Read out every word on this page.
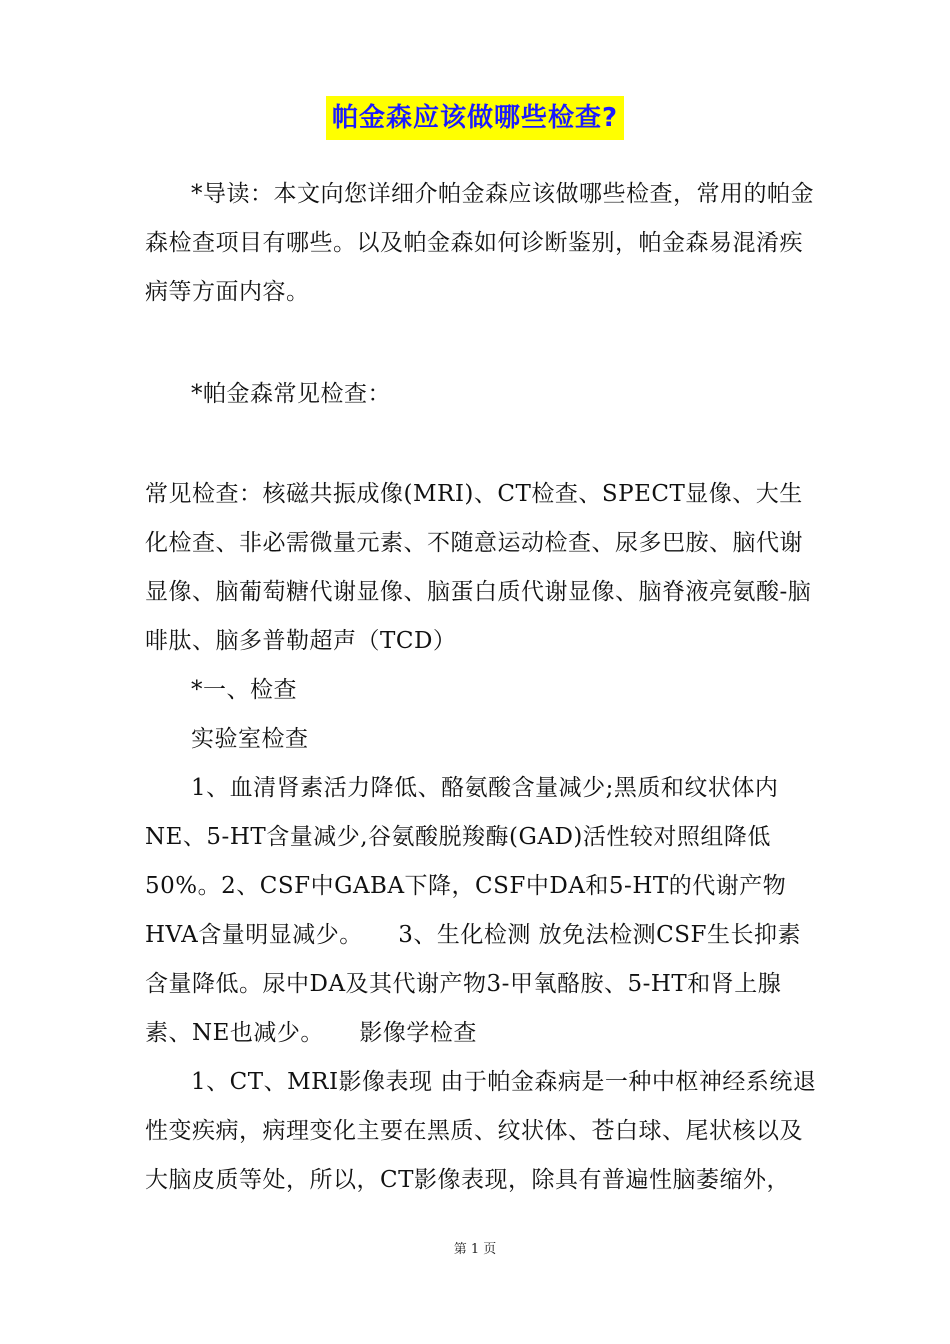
帕金森应该做哪些检查?

*导读：本文向您详细介帕金森应该做哪些检查，常用的帕金森检查项目有哪些。以及帕金森如何诊断鉴别，帕金森易混淆疾病等方面内容。

*帕金森常见检查：

常见检查：核磁共振成像(MRI)、CT检查、SPECT显像、大生化检查、非必需微量元素、不随意运动检查、尿多巴胺、脑代谢显像、脑葡萄糖代谢显像、脑蛋白质代谢显像、脑脊液亮氨酸-脑啡肽、脑多普勒超声（TCD）

*一、检查

实验室检查

1、血清肾素活力降低、酪氨酸含量减少;黑质和纹状体内NE、5-HT含量减少,谷氨酸脱羧酶(GAD)活性较对照组降低50%。2、CSF中GABA下降，CSF中DA和5-HT的代谢产物HVA含量明显减少。　　3、生化检测 放免法检测CSF生长抑素含量降低。尿中DA及其代谢产物3-甲氧酪胺、5-HT和肾上腺素、NE也减少。　　影像学检查

1、CT、MRI影像表现 由于帕金森病是一种中枢神经系统退性变疾病，病理变化主要在黑质、纹状体、苍白球、尾状核以及大脑皮质等处，所以，CT影像表现，除具有普遍性脑萎缩外，

第 1 页
